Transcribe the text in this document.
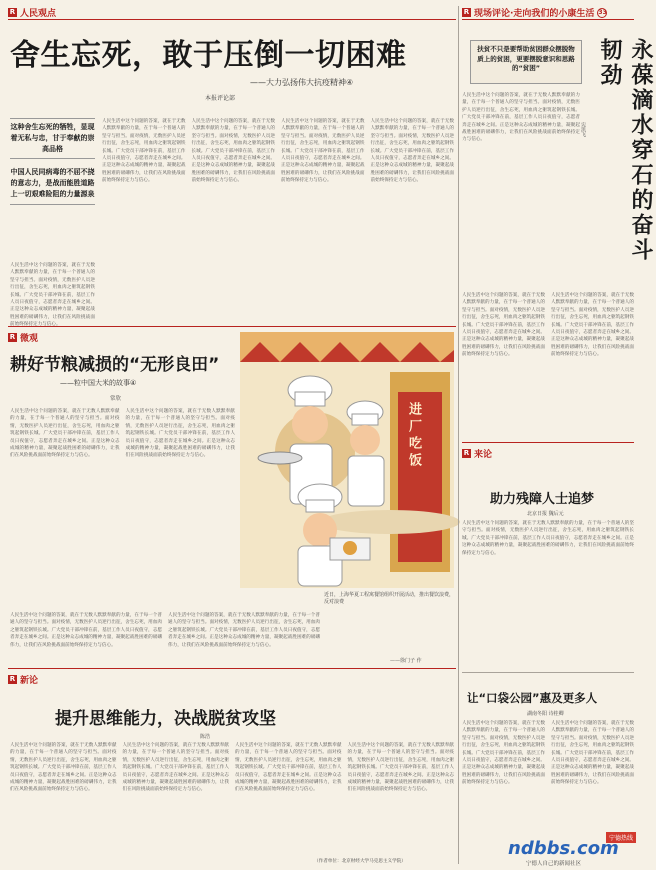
R 人民观点
舍生忘死，敢于压倒一切困难
——大力弘扬伟大抗疫精神④
本报评论部
这种舍生忘死的牺牲，显现着无私与忠，甘于奉献的崇高品格
中国人民同病毒的不屈不挠的意志力，是战而能胜道路上一切艰难险阻的力量源泉
人民生活中这个问题的答案，就在于无数人默默奉献的力量，在于每一个普通人的坚守与担当。面对疫情，无数医护人员逆行出征，舍生忘死，用血肉之躯筑起钢铁长城。广大党员干部冲锋在前，基层工作人员日夜值守，志愿者奔走在城乡之间。正是这种众志成城的精神力量，凝聚起战胜困难的磅礴伟力，让我们在风险挑战面前始终保持定力与信心。
人民生活中这个问题的答案，就在于无数人默默奉献的力量，在于每一个普通人的坚守与担当。面对疫情，无数医护人员逆行出征，舍生忘死，用血肉之躯筑起钢铁长城。广大党员干部冲锋在前，基层工作人员日夜值守，志愿者奔走在城乡之间。正是这种众志成城的精神力量，凝聚起战胜困难的磅礴伟力，让我们在风险挑战面前始终保持定力与信心。
人民生活中这个问题的答案，就在于无数人默默奉献的力量，在于每一个普通人的坚守与担当。面对疫情，无数医护人员逆行出征，舍生忘死，用血肉之躯筑起钢铁长城。广大党员干部冲锋在前，基层工作人员日夜值守，志愿者奔走在城乡之间。正是这种众志成城的精神力量，凝聚起战胜困难的磅礴伟力，让我们在风险挑战面前始终保持定力与信心。
人民生活中这个问题的答案，就在于无数人默默奉献的力量，在于每一个普通人的坚守与担当。面对疫情，无数医护人员逆行出征，舍生忘死，用血肉之躯筑起钢铁长城。广大党员干部冲锋在前，基层工作人员日夜值守，志愿者奔走在城乡之间。正是这种众志成城的精神力量，凝聚起战胜困难的磅礴伟力，让我们在风险挑战面前始终保持定力与信心。
人民生活中这个问题的答案，就在于无数人默默奉献的力量，在于每一个普通人的坚守与担当。面对疫情，无数医护人员逆行出征，舍生忘死，用血肉之躯筑起钢铁长城。广大党员干部冲锋在前，基层工作人员日夜值守，志愿者奔走在城乡之间。正是这种众志成城的精神力量，凝聚起战胜困难的磅礴伟力，让我们在风险挑战面前始终保持定力与信心。
R 现场评论·走向我们的小康生活 33
扶贫不只是要帮助贫困群众摆脱物质上的贫困，更要摆脱意识和思路的“贫困”	永葆滴水穿石的奋斗韧劲
宪凯飞
人民生活中这个问题的答案，就在于无数人默默奉献的力量，在于每一个普通人的坚守与担当。面对疫情，无数医护人员逆行出征，舍生忘死，用血肉之躯筑起钢铁长城。广大党员干部冲锋在前，基层工作人员日夜值守，志愿者奔走在城乡之间。正是这种众志成城的精神力量，凝聚起战胜困难的磅礴伟力，让我们在风险挑战面前始终保持定力与信心。
人民生活中这个问题的答案，就在于无数人默默奉献的力量，在于每一个普通人的坚守与担当。面对疫情，无数医护人员逆行出征，舍生忘死，用血肉之躯筑起钢铁长城。广大党员干部冲锋在前，基层工作人员日夜值守，志愿者奔走在城乡之间。正是这种众志成城的精神力量，凝聚起战胜困难的磅礴伟力，让我们在风险挑战面前始终保持定力与信心。
人民生活中这个问题的答案，就在于无数人默默奉献的力量，在于每一个普通人的坚守与担当。面对疫情，无数医护人员逆行出征，舍生忘死，用血肉之躯筑起钢铁长城。广大党员干部冲锋在前，基层工作人员日夜值守，志愿者奔走在城乡之间。正是这种众志成城的精神力量，凝聚起战胜困难的磅礴伟力，让我们在风险挑战面前始终保持定力与信心。
R 微观
耕好节粮减损的“无形良田”
——粒中国大米的故事④
常欣
人民生活中这个问题的答案，就在于无数人默默奉献的力量，在于每一个普通人的坚守与担当。面对疫情，无数医护人员逆行出征，舍生忘死，用血肉之躯筑起钢铁长城。广大党员干部冲锋在前，基层工作人员日夜值守，志愿者奔走在城乡之间。正是这种众志成城的精神力量，凝聚起战胜困难的磅礴伟力，让我们在风险挑战面前始终保持定力与信心。
人民生活中这个问题的答案，就在于无数人默默奉献的力量，在于每一个普通人的坚守与担当。面对疫情，无数医护人员逆行出征，舍生忘死，用血肉之躯筑起钢铁长城。广大党员干部冲锋在前，基层工作人员日夜值守，志愿者奔走在城乡之间。正是这种众志成城的精神力量，凝聚起战胜困难的磅礴伟力，让我们在风险挑战面前始终保持定力与信心。
人民生活中这个问题的答案，就在于无数人默默奉献的力量，在于每一个普通人的坚守与担当。面对疫情，无数医护人员逆行出征，舍生忘死，用血肉之躯筑起钢铁长城。广大党员干部冲锋在前，基层工作人员日夜值守，志愿者奔走在城乡之间。正是这种众志成城的精神力量，凝聚起战胜困难的磅礴伟力，让我们在风险挑战面前始终保持定力与信心。
人民生活中这个问题的答案，就在于无数人默默奉献的力量，在于每一个普通人的坚守与担当。面对疫情，无数医护人员逆行出征，舍生忘死，用血肉之躯筑起钢铁长城。广大党员干部冲锋在前，基层工作人员日夜值守，志愿者奔走在城乡之间。正是这种众志成城的精神力量，凝聚起战胜困难的磅礴伟力，让我们在风险挑战面前始终保持定力与信心。
进厂吃饭
近日，上海华夏工程寓餐馆组织开展活动，推出餐饮浪费，反对浪费
——徐门子 作
R 来论
助力残障人士追梦
北京日报 魏后元
人民生活中这个问题的答案，就在于无数人默默奉献的力量，在于每一个普通人的坚守与担当。面对疫情，无数医护人员逆行出征，舍生忘死，用血肉之躯筑起钢铁长城。广大党员干部冲锋在前，基层工作人员日夜值守，志愿者奔走在城乡之间。正是这种众志成城的精神力量，凝聚起战胜困难的磅礴伟力，让我们在风险挑战面前始终保持定力与信心。
R 新论
提升思维能力，决战脱贫攻坚
陈浩
人民生活中这个问题的答案，就在于无数人默默奉献的力量，在于每一个普通人的坚守与担当。面对疫情，无数医护人员逆行出征，舍生忘死，用血肉之躯筑起钢铁长城。广大党员干部冲锋在前，基层工作人员日夜值守，志愿者奔走在城乡之间。正是这种众志成城的精神力量，凝聚起战胜困难的磅礴伟力，让我们在风险挑战面前始终保持定力与信心。
人民生活中这个问题的答案，就在于无数人默默奉献的力量，在于每一个普通人的坚守与担当。面对疫情，无数医护人员逆行出征，舍生忘死，用血肉之躯筑起钢铁长城。广大党员干部冲锋在前，基层工作人员日夜值守，志愿者奔走在城乡之间。正是这种众志成城的精神力量，凝聚起战胜困难的磅礴伟力，让我们在风险挑战面前始终保持定力与信心。
人民生活中这个问题的答案，就在于无数人默默奉献的力量，在于每一个普通人的坚守与担当。面对疫情，无数医护人员逆行出征，舍生忘死，用血肉之躯筑起钢铁长城。广大党员干部冲锋在前，基层工作人员日夜值守，志愿者奔走在城乡之间。正是这种众志成城的精神力量，凝聚起战胜困难的磅礴伟力，让我们在风险挑战面前始终保持定力与信心。
人民生活中这个问题的答案，就在于无数人默默奉献的力量，在于每一个普通人的坚守与担当。面对疫情，无数医护人员逆行出征，舍生忘死，用血肉之躯筑起钢铁长城。广大党员干部冲锋在前，基层工作人员日夜值守，志愿者奔走在城乡之间。正是这种众志成城的精神力量，凝聚起战胜困难的磅礴伟力，让我们在风险挑战面前始终保持定力与信心。
（作者单位：北京财经大学马克思主义学院）
让“口袋公园”惠及更多人
湖南冬阳 诗桂卿
人民生活中这个问题的答案，就在于无数人默默奉献的力量，在于每一个普通人的坚守与担当。面对疫情，无数医护人员逆行出征，舍生忘死，用血肉之躯筑起钢铁长城。广大党员干部冲锋在前，基层工作人员日夜值守，志愿者奔走在城乡之间。正是这种众志成城的精神力量，凝聚起战胜困难的磅礴伟力，让我们在风险挑战面前始终保持定力与信心。
人民生活中这个问题的答案，就在于无数人默默奉献的力量，在于每一个普通人的坚守与担当。面对疫情，无数医护人员逆行出征，舍生忘死，用血肉之躯筑起钢铁长城。广大党员干部冲锋在前，基层工作人员日夜值守，志愿者奔走在城乡之间。正是这种众志成城的精神力量，凝聚起战胜困难的磅礴伟力，让我们在风险挑战面前始终保持定力与信心。
宁德热线
ndbbs.com
宁德人自己的新闻社区
